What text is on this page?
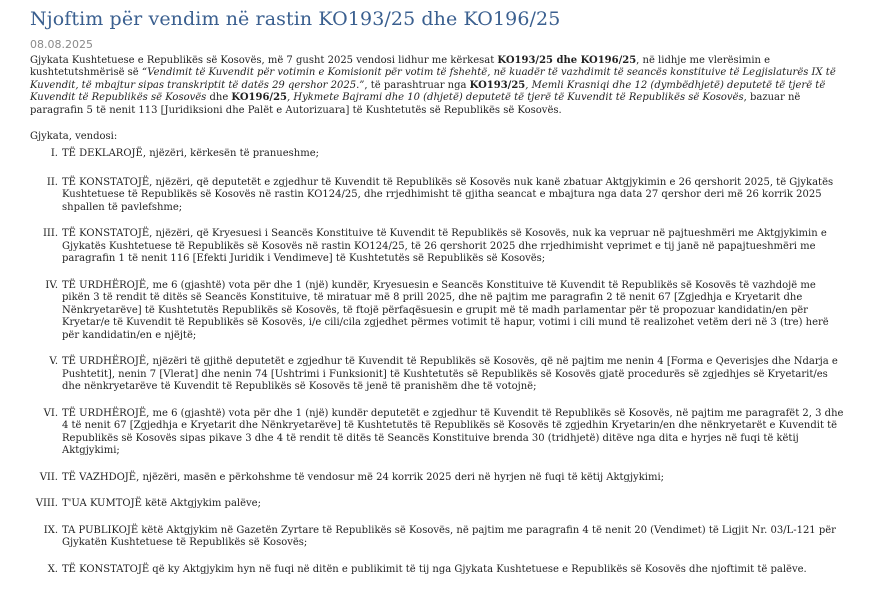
Njoftim për vendim në rastin KO193/25 dhe KO196/25
08.08.2025

Gjykata Kushtetuese e Republikës së Kosovës, më 7 gusht 2025 vendosi lidhur me kërkesat KO193/25 dhe KO196/25, në lidhje me vlerësimin e kushtetutshmërisë së “Vendimit të Kuvendit për votimin e Komisionit për votim të fshehtë, në kuadër të vazhdimit të seancës konstituive të Legjislaturës IX të Kuvendit, të mbajtur sipas transkriptit të datës 29 qershor 2025.”, të parashtruar nga KO193/25, Memli Krasniqi dhe 12 (dymbëdhjetë) deputetë të tjerë të Kuvendit të Republikës së Kosovës dhe KO196/25, Hykmete Bajrami dhe 10 (dhjetë) deputetë të tjerë të Kuvendit të Republikës së Kosovës, bazuar në paragrafin 5 të nenit 113 [Juridiksioni dhe Palët e Autorizuara] të Kushtetutës së Republikës së Kosovës.

Gjykata, vendosi:
I. TË DEKLAROJË, njëzëri, kërkesën të pranueshme;
II. TË KONSTATOJË, njëzëri, që deputetët e zgjedhur të Kuvendit të Republikës së Kosovës nuk kanë zbatuar Aktgjykimin e 26 qershorit 2025, të Gjykatës Kushtetuese të Republikës së Kosovës në rastin KO124/25, dhe rrjedhimisht të gjitha seancat e mbajtura nga data 27 qershor deri më 26 korrik 2025 shpallen të pavlefshme;
III. TË KONSTATOJË, njëzëri, që Kryesuesi i Seancës Konstituive të Kuvendit të Republikës së Kosovës, nuk ka vepruar në pajtueshmëri me Aktgjykimin e Gjykatës Kushtetuese të Republikës së Kosovës në rastin KO124/25, të 26 qershorit 2025 dhe rrjedhimisht veprimet e tij janë në papajtueshmëri me paragrafin 1 të nenit 116 [Efekti Juridik i Vendimeve] të Kushtetutës së Republikës së Kosovës;
IV. TË URDHËROJË, me 6 (gjashtë) vota për dhe 1 (një) kundër, Kryesuesin e Seancës Konstituive të Kuvendit të Republikës së Kosovës të vazhdojë me pikën 3 të rendit të ditës së Seancës Konstituive, të miratuar më 8 prill 2025, dhe në pajtim me paragrafin 2 të nenit 67 [Zgjedhja e Kryetarit dhe Nënkryetarëve] të Kushtetutës Republikës së Kosovës, të ftojë përfaqësuesin e grupit më të madh parlamentar për të propozuar kandidatin/en për Kryetar/e të Kuvendit të Republikës së Kosovës, i/e cili/cila zgjedhet përmes votimit të hapur, votimi i cili mund të realizohet vetëm deri në 3 (tre) herë për kandidatin/en e njëjtë;
V. TË URDHËROJË, njëzëri të gjithë deputetët e zgjedhur të Kuvendit të Republikës së Kosovës, që në pajtim me nenin 4 [Forma e Qeverisjes dhe Ndarja e Pushtetit], nenin 7 [Vlerat] dhe nenin 74 [Ushtrimi i Funksionit] të Kushtetutës së Republikës së Kosovës gjatë procedurës së zgjedhjes së Kryetarit/es dhe nënkryetarëve të Kuvendit të Republikës së Kosovës të jenë të pranishëm dhe të votojnë;
VI. TË URDHËROJË, me 6 (gjashtë) vota për dhe 1 (një) kundër deputetët e zgjedhur të Kuvendit të Republikës së Kosovës, në pajtim me paragrafët 2, 3 dhe 4 të nenit 67 [Zgjedhja e Kryetarit dhe Nënkryetarëve] të Kushtetutës të Republikës së Kosovës të zgjedhin Kryetarin/en dhe nënkryetarët e Kuvendit të Republikës së Kosovës sipas pikave 3 dhe 4 të rendit të ditës të Seancës Konstituive brenda 30 (tridhjetë) ditëve nga dita e hyrjes në fuqi të këtij Aktgjykimi;
VII. TË VAZHDOJË, njëzëri, masën e përkohshme të vendosur më 24 korrik 2025 deri në hyrjen në fuqi të këtij Aktgjykimi;
VIII. T'UA KUMTOJË këtë Aktgjykim palëve;
IX. TA PUBLIKOJË këtë Aktgjykim në Gazetën Zyrtare të Republikës së Kosovës, në pajtim me paragrafin 4 të nenit 20 (Vendimet) të Ligjit Nr. 03/L-121 për Gjykatën Kushtetuese të Republikës së Kosovës;
X. TË KONSTATOJË që ky Aktgjykim hyn në fuqi në ditën e publikimit të tij nga Gjykata Kushtetuese e Republikës së Kosovës dhe njoftimit të palëve.
